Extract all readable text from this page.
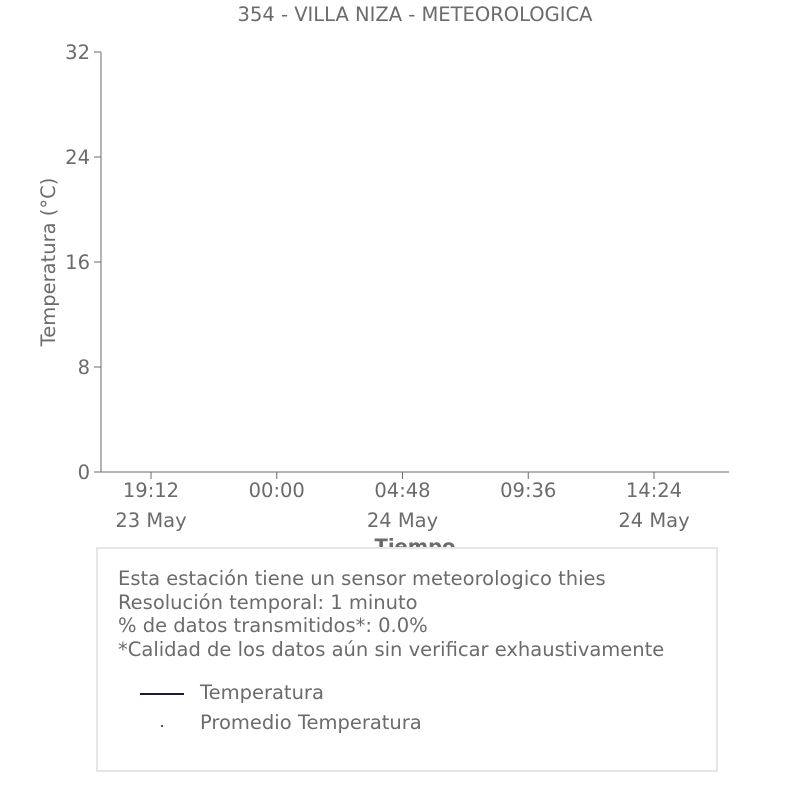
354 - VILLA NIZA - METEOROLOGICA
Temperatura (°C)
0
8
16
24
32
19:12
23 May
00:00	04:48
24 May
09:36	14:24
24 May
Esta estación tiene un sensor meteorologico thies
Resolución temporal: 1 minuto
% de datos transmitidos*: 0.0%
*Calidad de los datos aún sin verificar exhaustivamente
Temperatura
Promedio Temperatura
